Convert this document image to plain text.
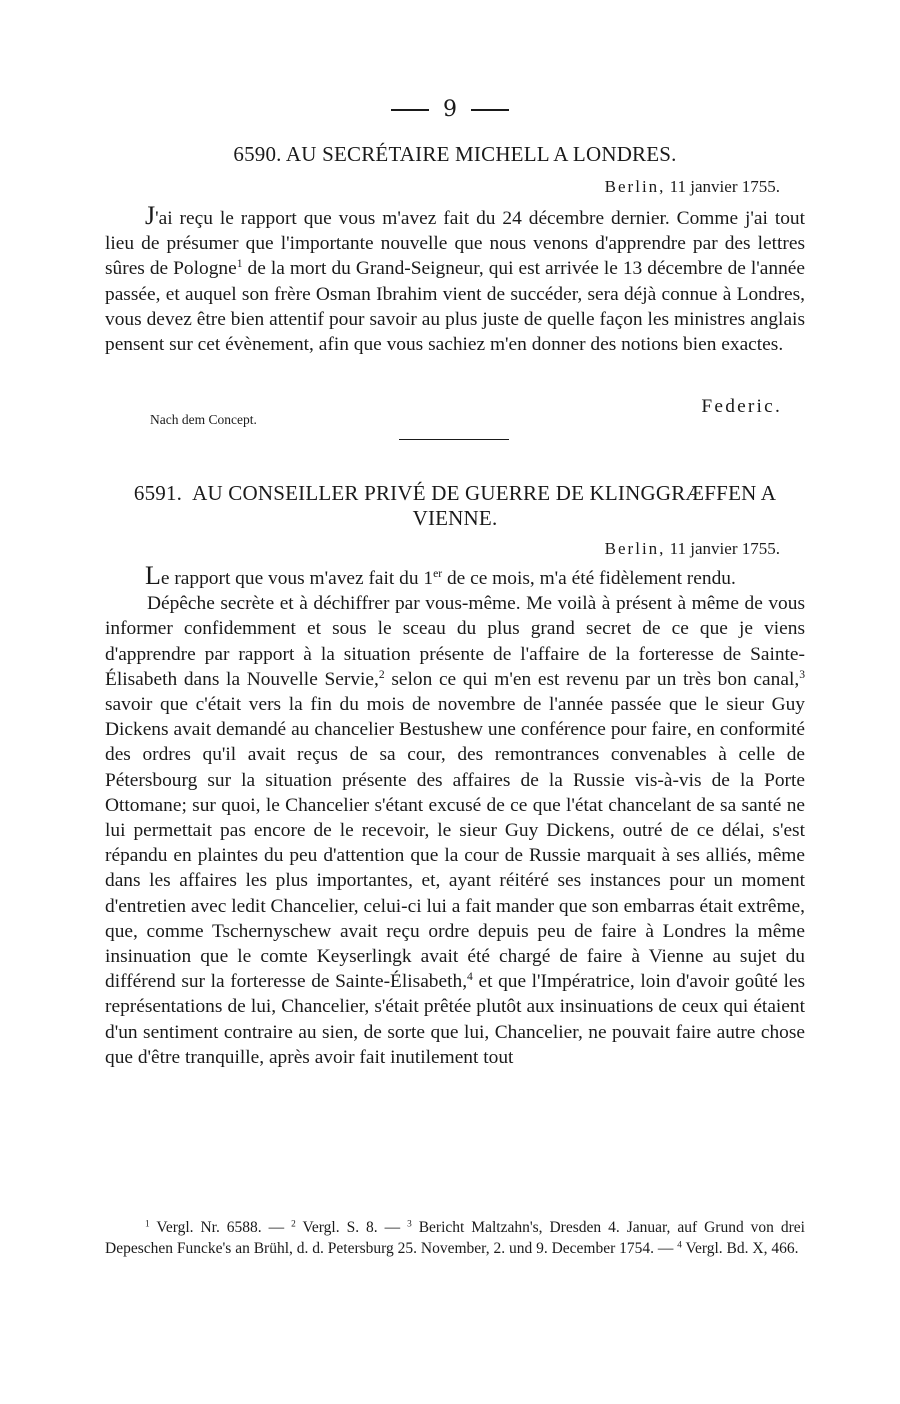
9
6590. AU SECRÉTAIRE MICHELL A LONDRES.
Berlin, 11 janvier 1755.

J'ai reçu le rapport que vous m'avez fait du 24 décembre dernier. Comme j'ai tout lieu de présumer que l'importante nouvelle que nous venons d'apprendre par des lettres sûres de Pologne$^1$ de la mort du Grand-Seigneur, qui est arrivée le 13 décembre de l'année passée, et auquel son frère Osman Ibrahim vient de succéder, sera déjà connue à Londres, vous devez être bien attentif pour savoir au plus juste de quelle façon les ministres anglais pensent sur cet évènement, afin que vous sachiez m'en donner des notions bien exactes.

Federic.
Nach dem Concept.
6591. AU CONSEILLER PRIVÉ DE GUERRE DE KLINGGRÆFFEN A VIENNE.
Berlin, 11 janvier 1755.

Le rapport que vous m'avez fait du 1er de ce mois, m'a été fidèlement rendu.

Dépêche secrète et à déchiffrer par vous-même. Me voilà à présent à même de vous informer confidemment et sous le sceau du plus grand secret de ce que je viens d'apprendre par rapport à la situation présente de l'affaire de la forteresse de Sainte-Élisabeth dans la Nouvelle Servie,$^2$ selon ce qui m'en est revenu par un très bon canal,$^3$ savoir que c'était vers la fin du mois de novembre de l'année passée que le sieur Guy Dickens avait demandé au chancelier Bestushew une conférence pour faire, en conformité des ordres qu'il avait reçus de sa cour, des remontrances convenables à celle de Pétersbourg sur la situation présente des affaires de la Russie vis-à-vis de la Porte Ottomane; sur quoi, le Chancelier s'étant excusé de ce que l'état chancelant de sa santé ne lui permettait pas encore de le recevoir, le sieur Guy Dickens, outré de ce délai, s'est répandu en plaintes du peu d'attention que la cour de Russie marquait à ses alliés, même dans les affaires les plus importantes, et, ayant réitéré ses instances pour un moment d'entretien avec ledit Chancelier, celui-ci lui a fait mander que son embarras était extrême, que, comme Tschernyschew avait reçu ordre depuis peu de faire à Londres la même insinuation que le comte Keyserlingk avait été chargé de faire à Vienne au sujet du différend sur la forteresse de Sainte-Élisabeth,$^4$ et que l'Impératrice, loin d'avoir goûté les représentations de lui, Chancelier, s'était prêtée plutôt aux insinuations de ceux qui étaient d'un sentiment contraire au sien, de sorte que lui, Chancelier, ne pouvait faire autre chose que d'être tranquille, après avoir fait inutilement tout

$^1$ Vergl. Nr. 6588. — $^2$ Vergl. S. 8. — $^3$ Bericht Maltzahn's, Dresden 4. Januar, auf Grund von drei Depeschen Funcke's an Brühl, d. d. Petersburg 25. November, 2. und 9. December 1754. — $^4$ Vergl. Bd. X, 466.
